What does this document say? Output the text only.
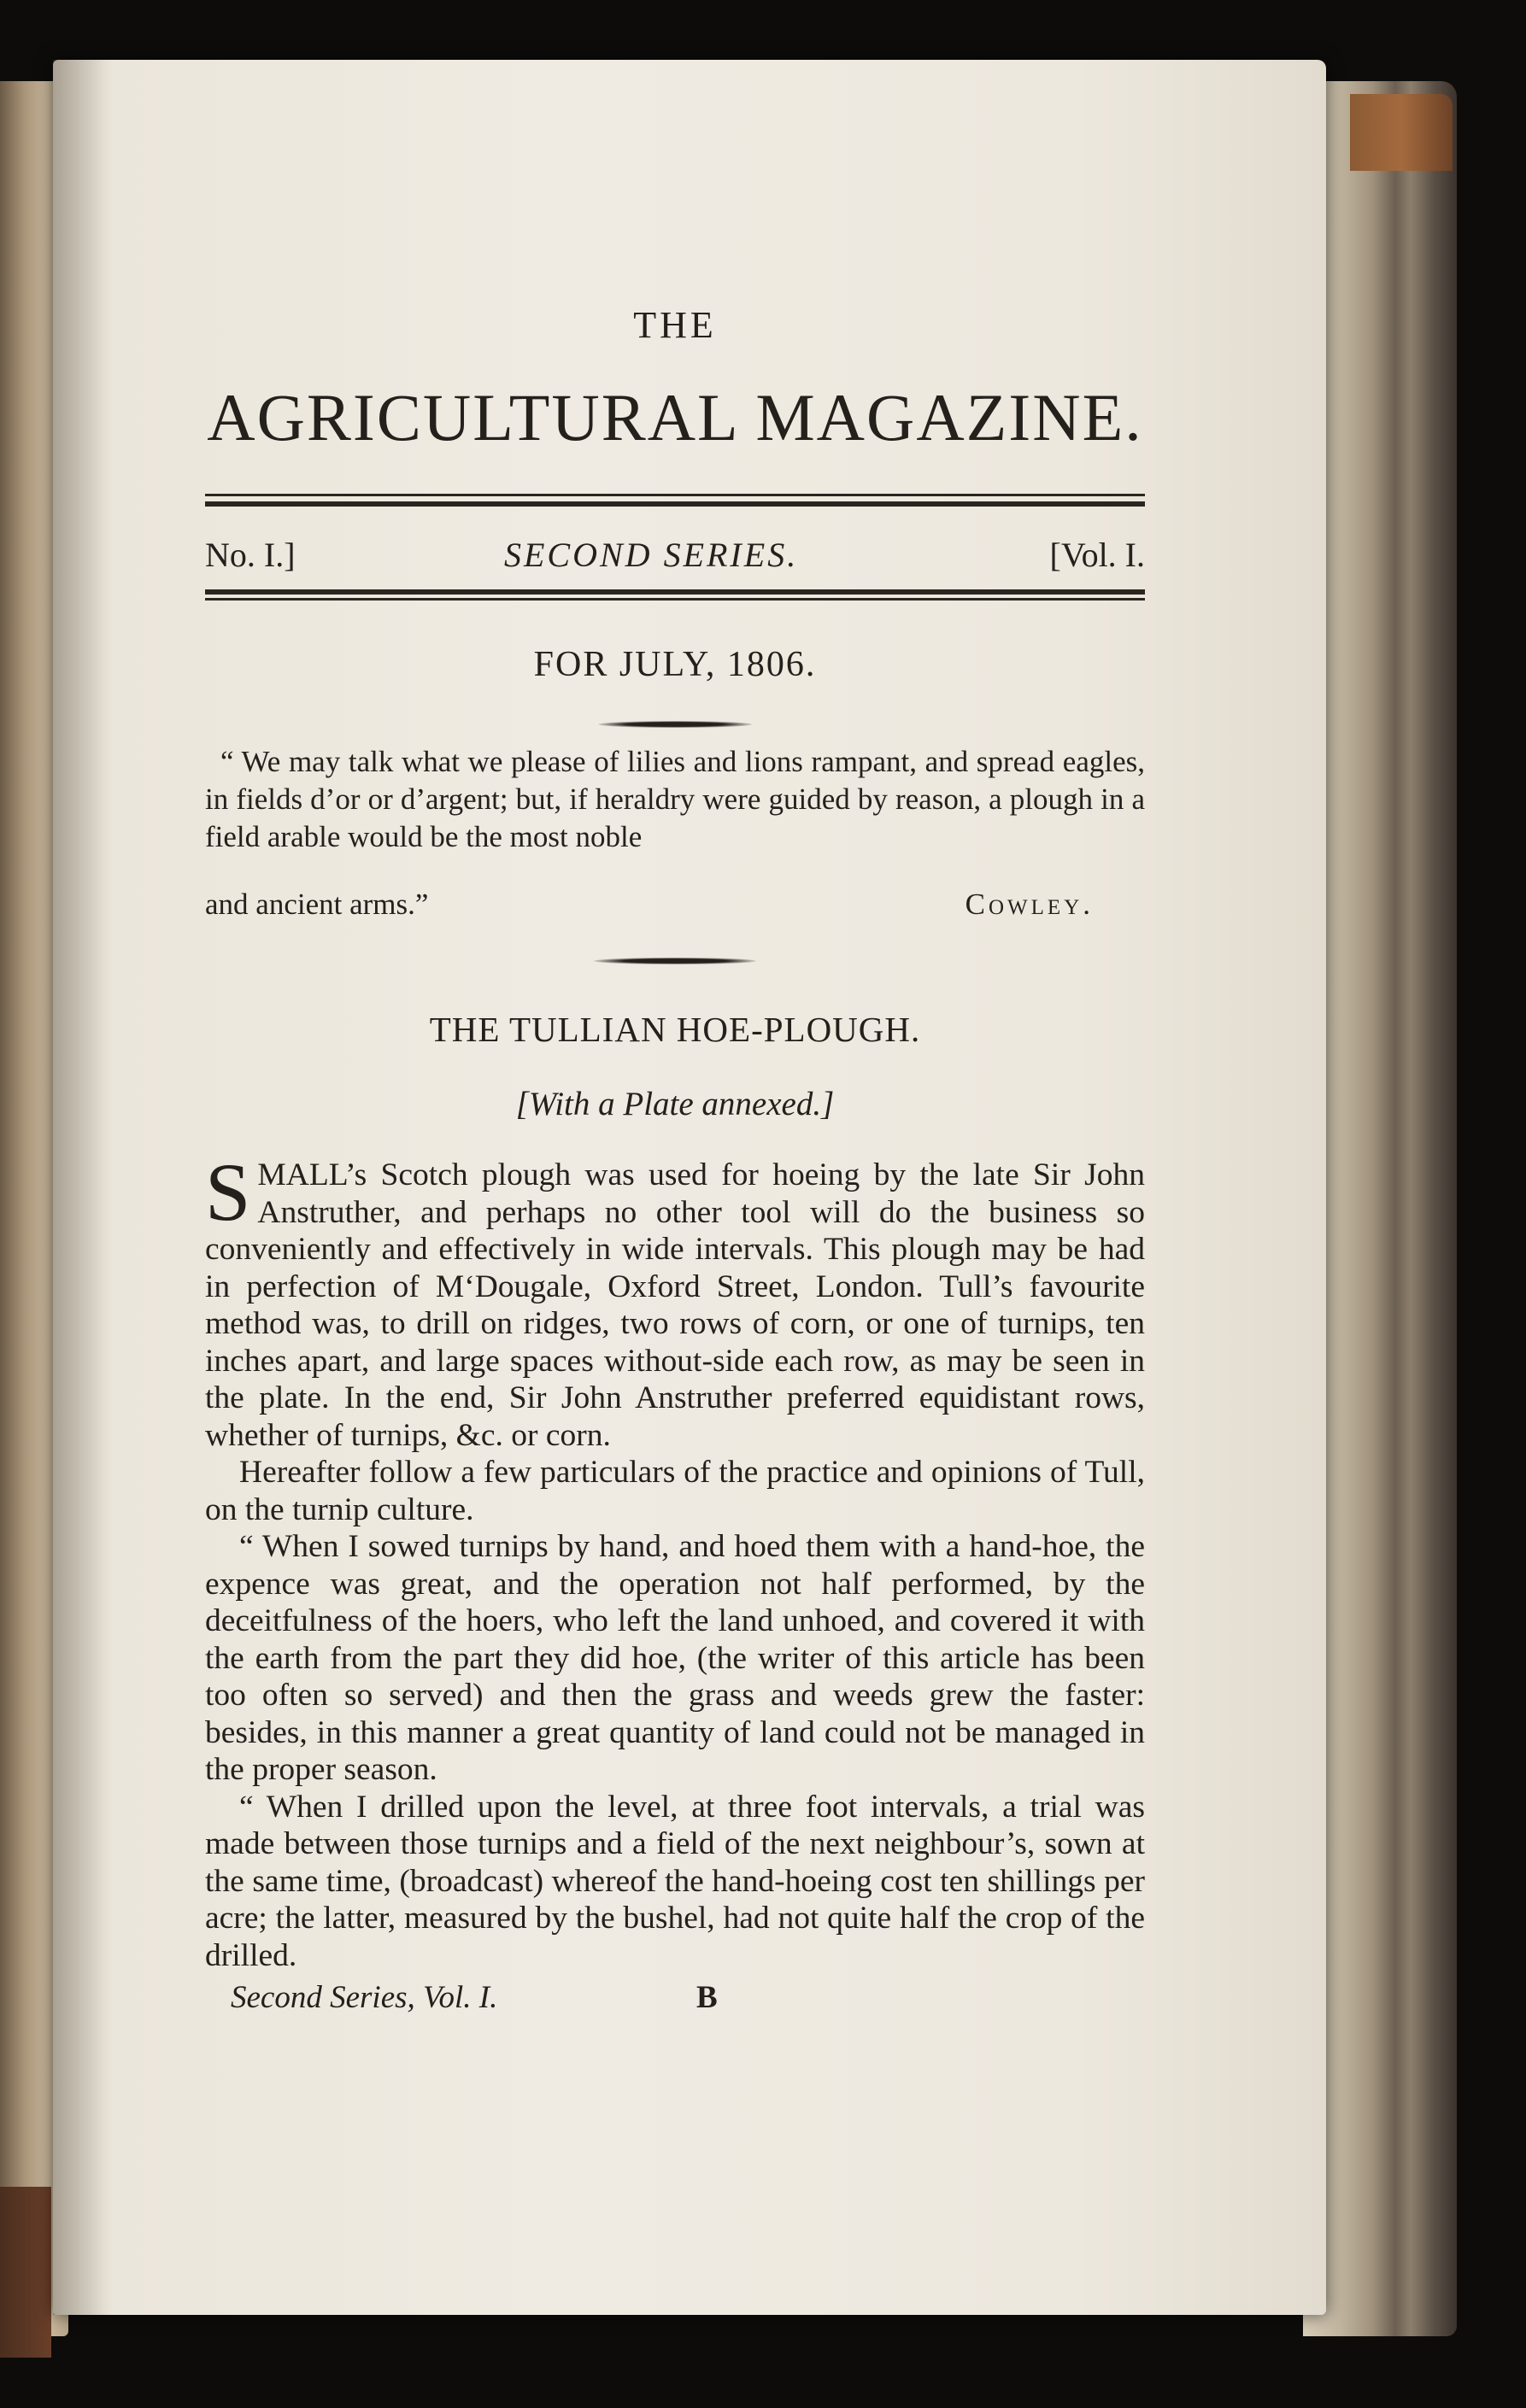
THE

AGRICULTURAL MAGAZINE.

No. I.]	SECOND SERIES.	[Vol. I.

FOR JULY, 1806.

“ We may talk what we please of lilies and lions rampant, and spread eagles, in fields d’or or d’argent; but, if heraldry were guided by reason, a plough in a field arable would be the most noble

and ancient arms.”	Cowley.

THE TULLIAN HOE-PLOUGH.

[With a Plate annexed.]

SMALL’s Scotch plough was used for hoeing by the late Sir John Anstruther, and perhaps no other tool will do the business so conveniently and effectively in wide intervals. This plough may be had in perfection of M‘Dougale, Oxford Street, London. Tull’s favourite method was, to drill on ridges, two rows of corn, or one of turnips, ten inches apart, and large spaces without-side each row, as may be seen in the plate. In the end, Sir John Anstruther preferred equidistant rows, whether of turnips, &c. or corn.

Hereafter follow a few particulars of the practice and opinions of Tull, on the turnip culture.

“ When I sowed turnips by hand, and hoed them with a hand-hoe, the expence was great, and the operation not half performed, by the deceitfulness of the hoers, who left the land unhoed, and covered it with the earth from the part they did hoe, (the writer of this article has been too often so served) and then the grass and weeds grew the faster: besides, in this manner a great quantity of land could not be managed in the proper season.

“ When I drilled upon the level, at three foot intervals, a trial was made between those turnips and a field of the next neighbour’s, sown at the same time, (broadcast) whereof the hand-hoeing cost ten shillings per acre; the latter, measured by the bushel, had not quite half the crop of the drilled.

Second Series, Vol. I.	B
